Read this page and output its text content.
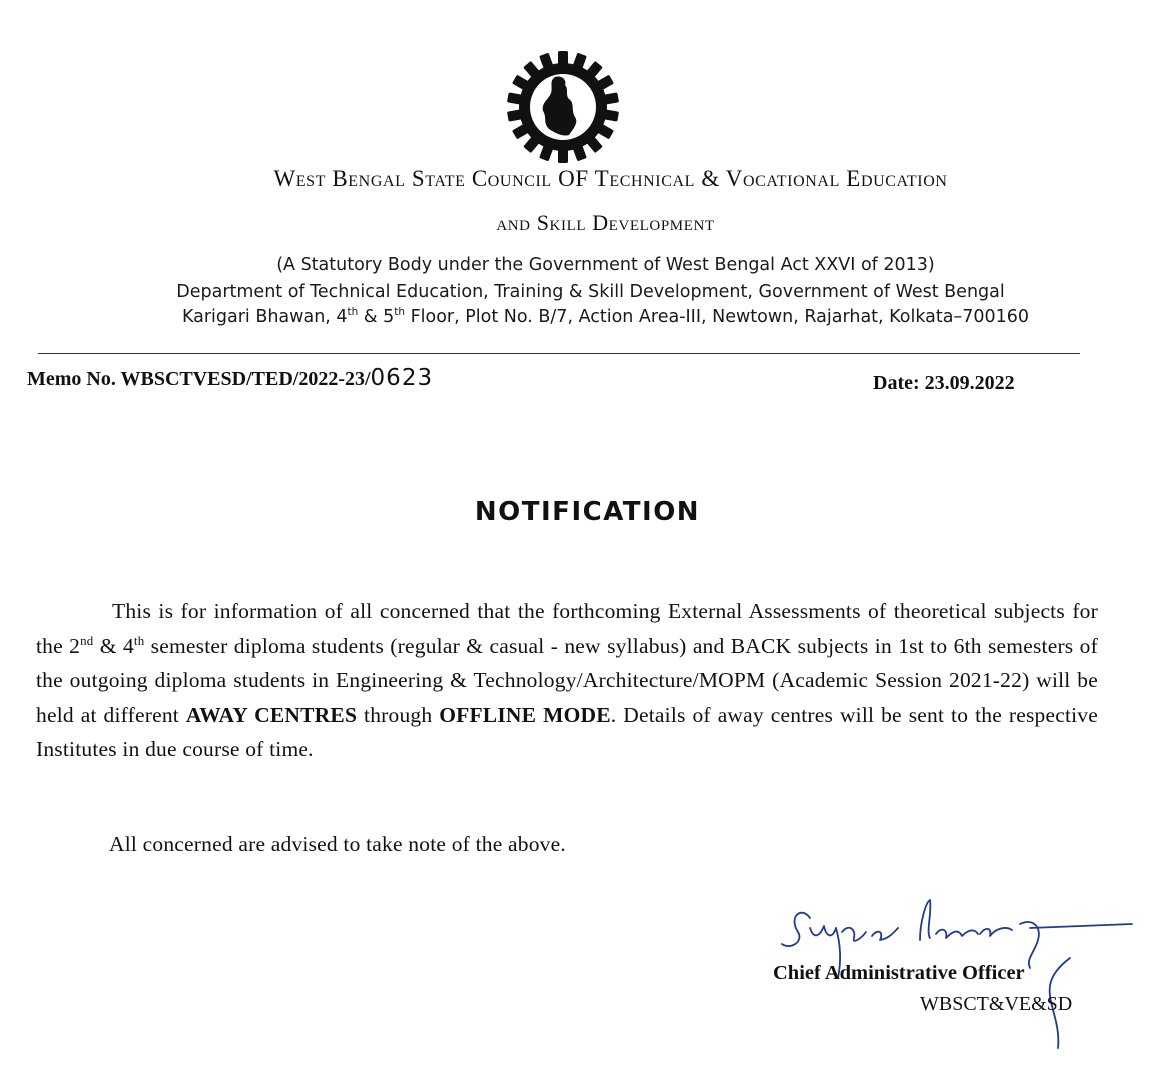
West Bengal State Council OF Technical & Vocational Education
and Skill Development
(A Statutory Body under the Government of West Bengal Act XXVI of 2013)
Department of Technical Education, Training & Skill Development, Government of West Bengal
Karigari Bhawan, 4th & 5th Floor, Plot No. B/7, Action Area-III, Newtown, Rajarhat, Kolkata–700160
Memo No. WBSCTVESD/TED/2022-23/0623	Date: 23.09.2022
NOTIFICATION
This is for information of all concerned that the forthcoming External Assessments of theoretical subjects for the 2nd & 4th semester diploma students (regular & casual - new syllabus) and BACK subjects in 1st to 6th semesters of the outgoing diploma students in Engineering & Technology/Architecture/MOPM (Academic Session 2021-22) will be held at different AWAY CENTRES through OFFLINE MODE. Details of away centres will be sent to the respective Institutes in due course of time.
All concerned are advised to take note of the above.
Chief Administrative Officer
WBSCT&VE&SD
